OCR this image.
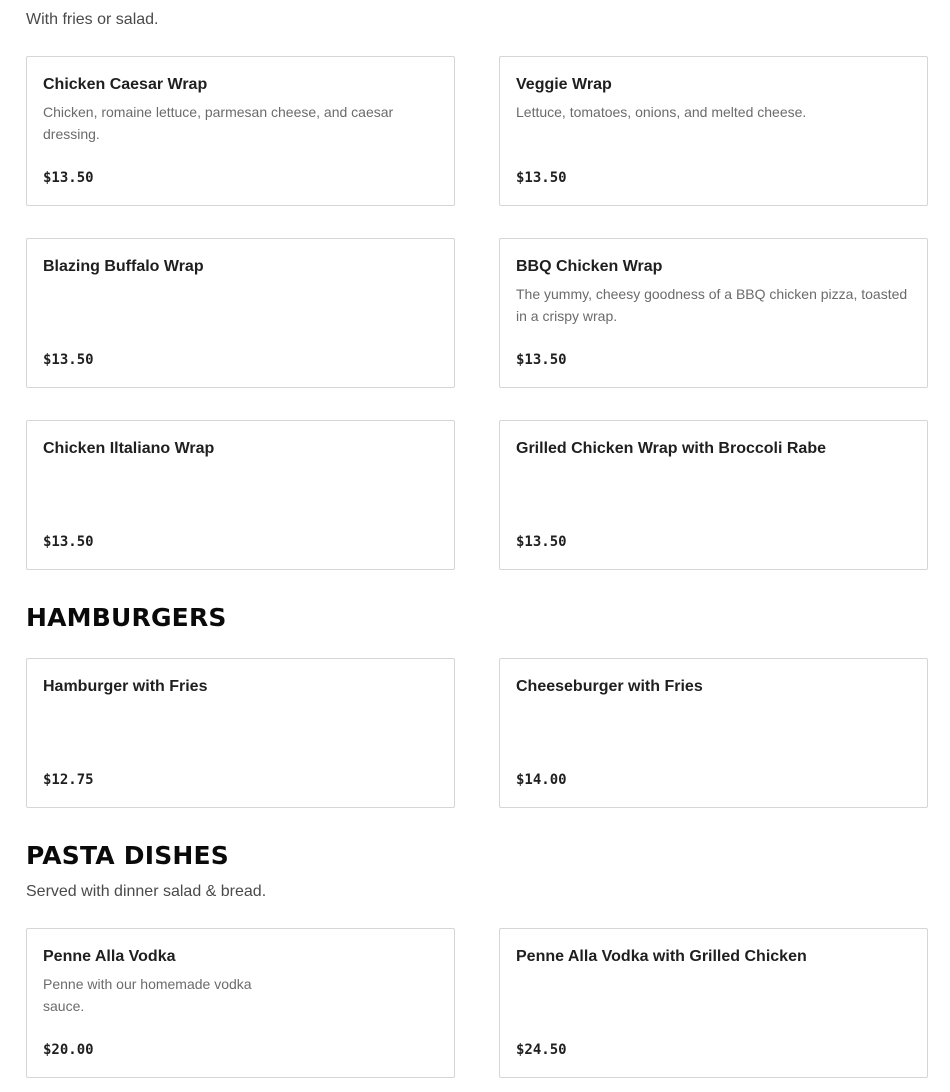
With fries or salad.
Chicken Caesar Wrap
Chicken, romaine lettuce, parmesan cheese, and caesar dressing.
$13.50
Veggie Wrap
Lettuce, tomatoes, onions, and melted cheese.
$13.50
Blazing Buffalo Wrap
$13.50
BBQ Chicken Wrap
The yummy, cheesy goodness of a BBQ chicken pizza, toasted in a crispy wrap.
$13.50
Chicken Iltaliano Wrap
$13.50
Grilled Chicken Wrap with Broccoli Rabe
$13.50
HAMBURGERS
Hamburger with Fries
$12.75
Cheeseburger with Fries
$14.00
PASTA DISHES
Served with dinner salad & bread.
Penne Alla Vodka
Penne with our homemade vodka sauce.
$20.00
Penne Alla Vodka with Grilled Chicken
$24.50
